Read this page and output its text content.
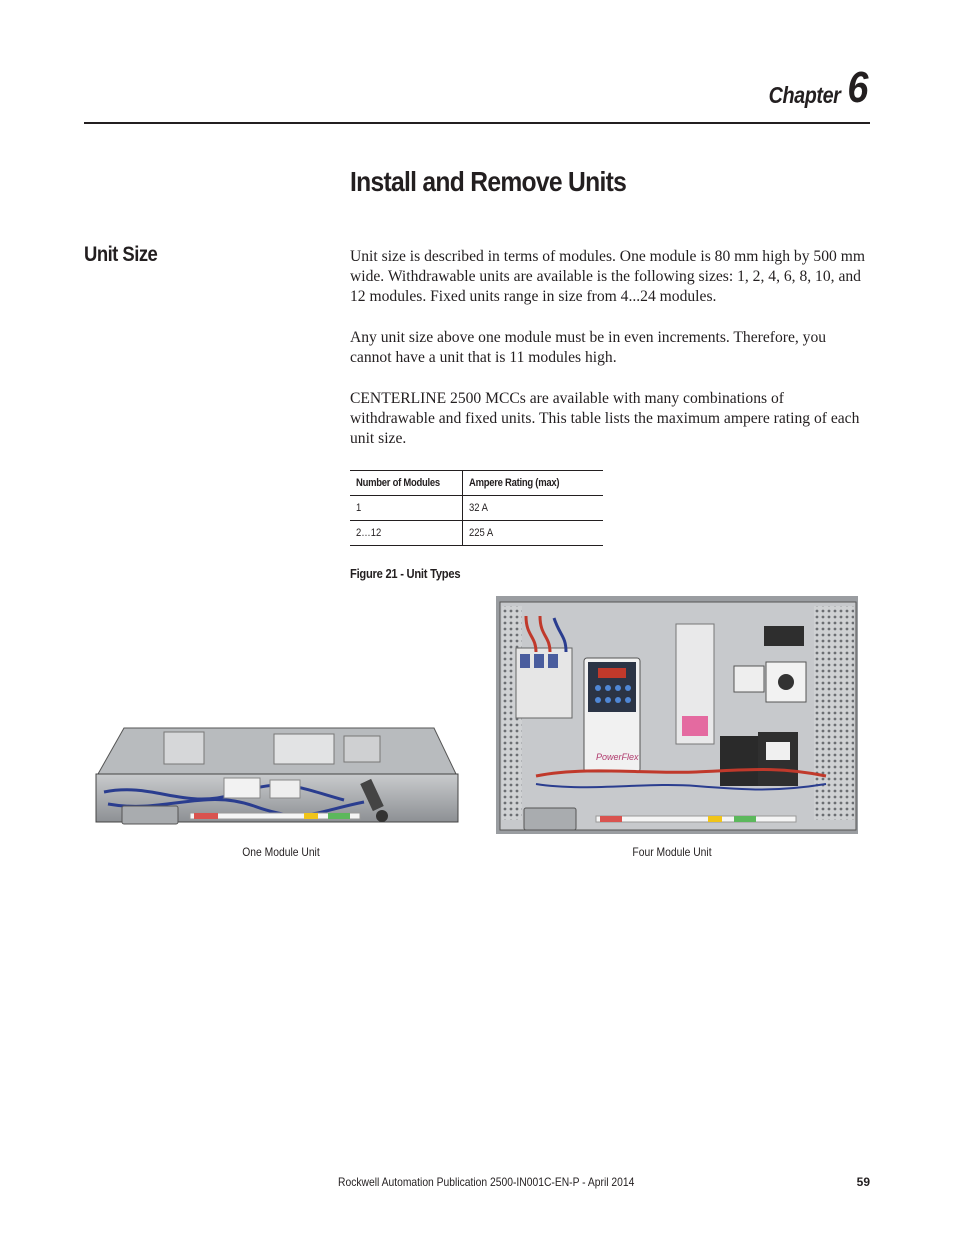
Chapter 6
Install and Remove Units
Unit Size	Unit size is described in terms of modules. One module is 80 mm high by 500 mm wide. Withdrawable units are available is the following sizes: 1, 2, 4, 6, 8, 10, and 12 modules. Fixed units range in size from 4...24 modules.

Any unit size above one module must be in even increments. Therefore, you cannot have a unit that is 11 modules high.

CENTERLINE 2500 MCCs are available with many combinations of withdrawable and fixed units. This table lists the maximum ampere rating of each unit size.

Number of Modules	Ampere Rating (max)
1	32 A
2…12	225 A
Figure 21 - Unit Types
One Module Unit
PowerFlex
Four Module Unit
Rockwell Automation Publication 2500-IN001C-EN-P - April 2014	59
